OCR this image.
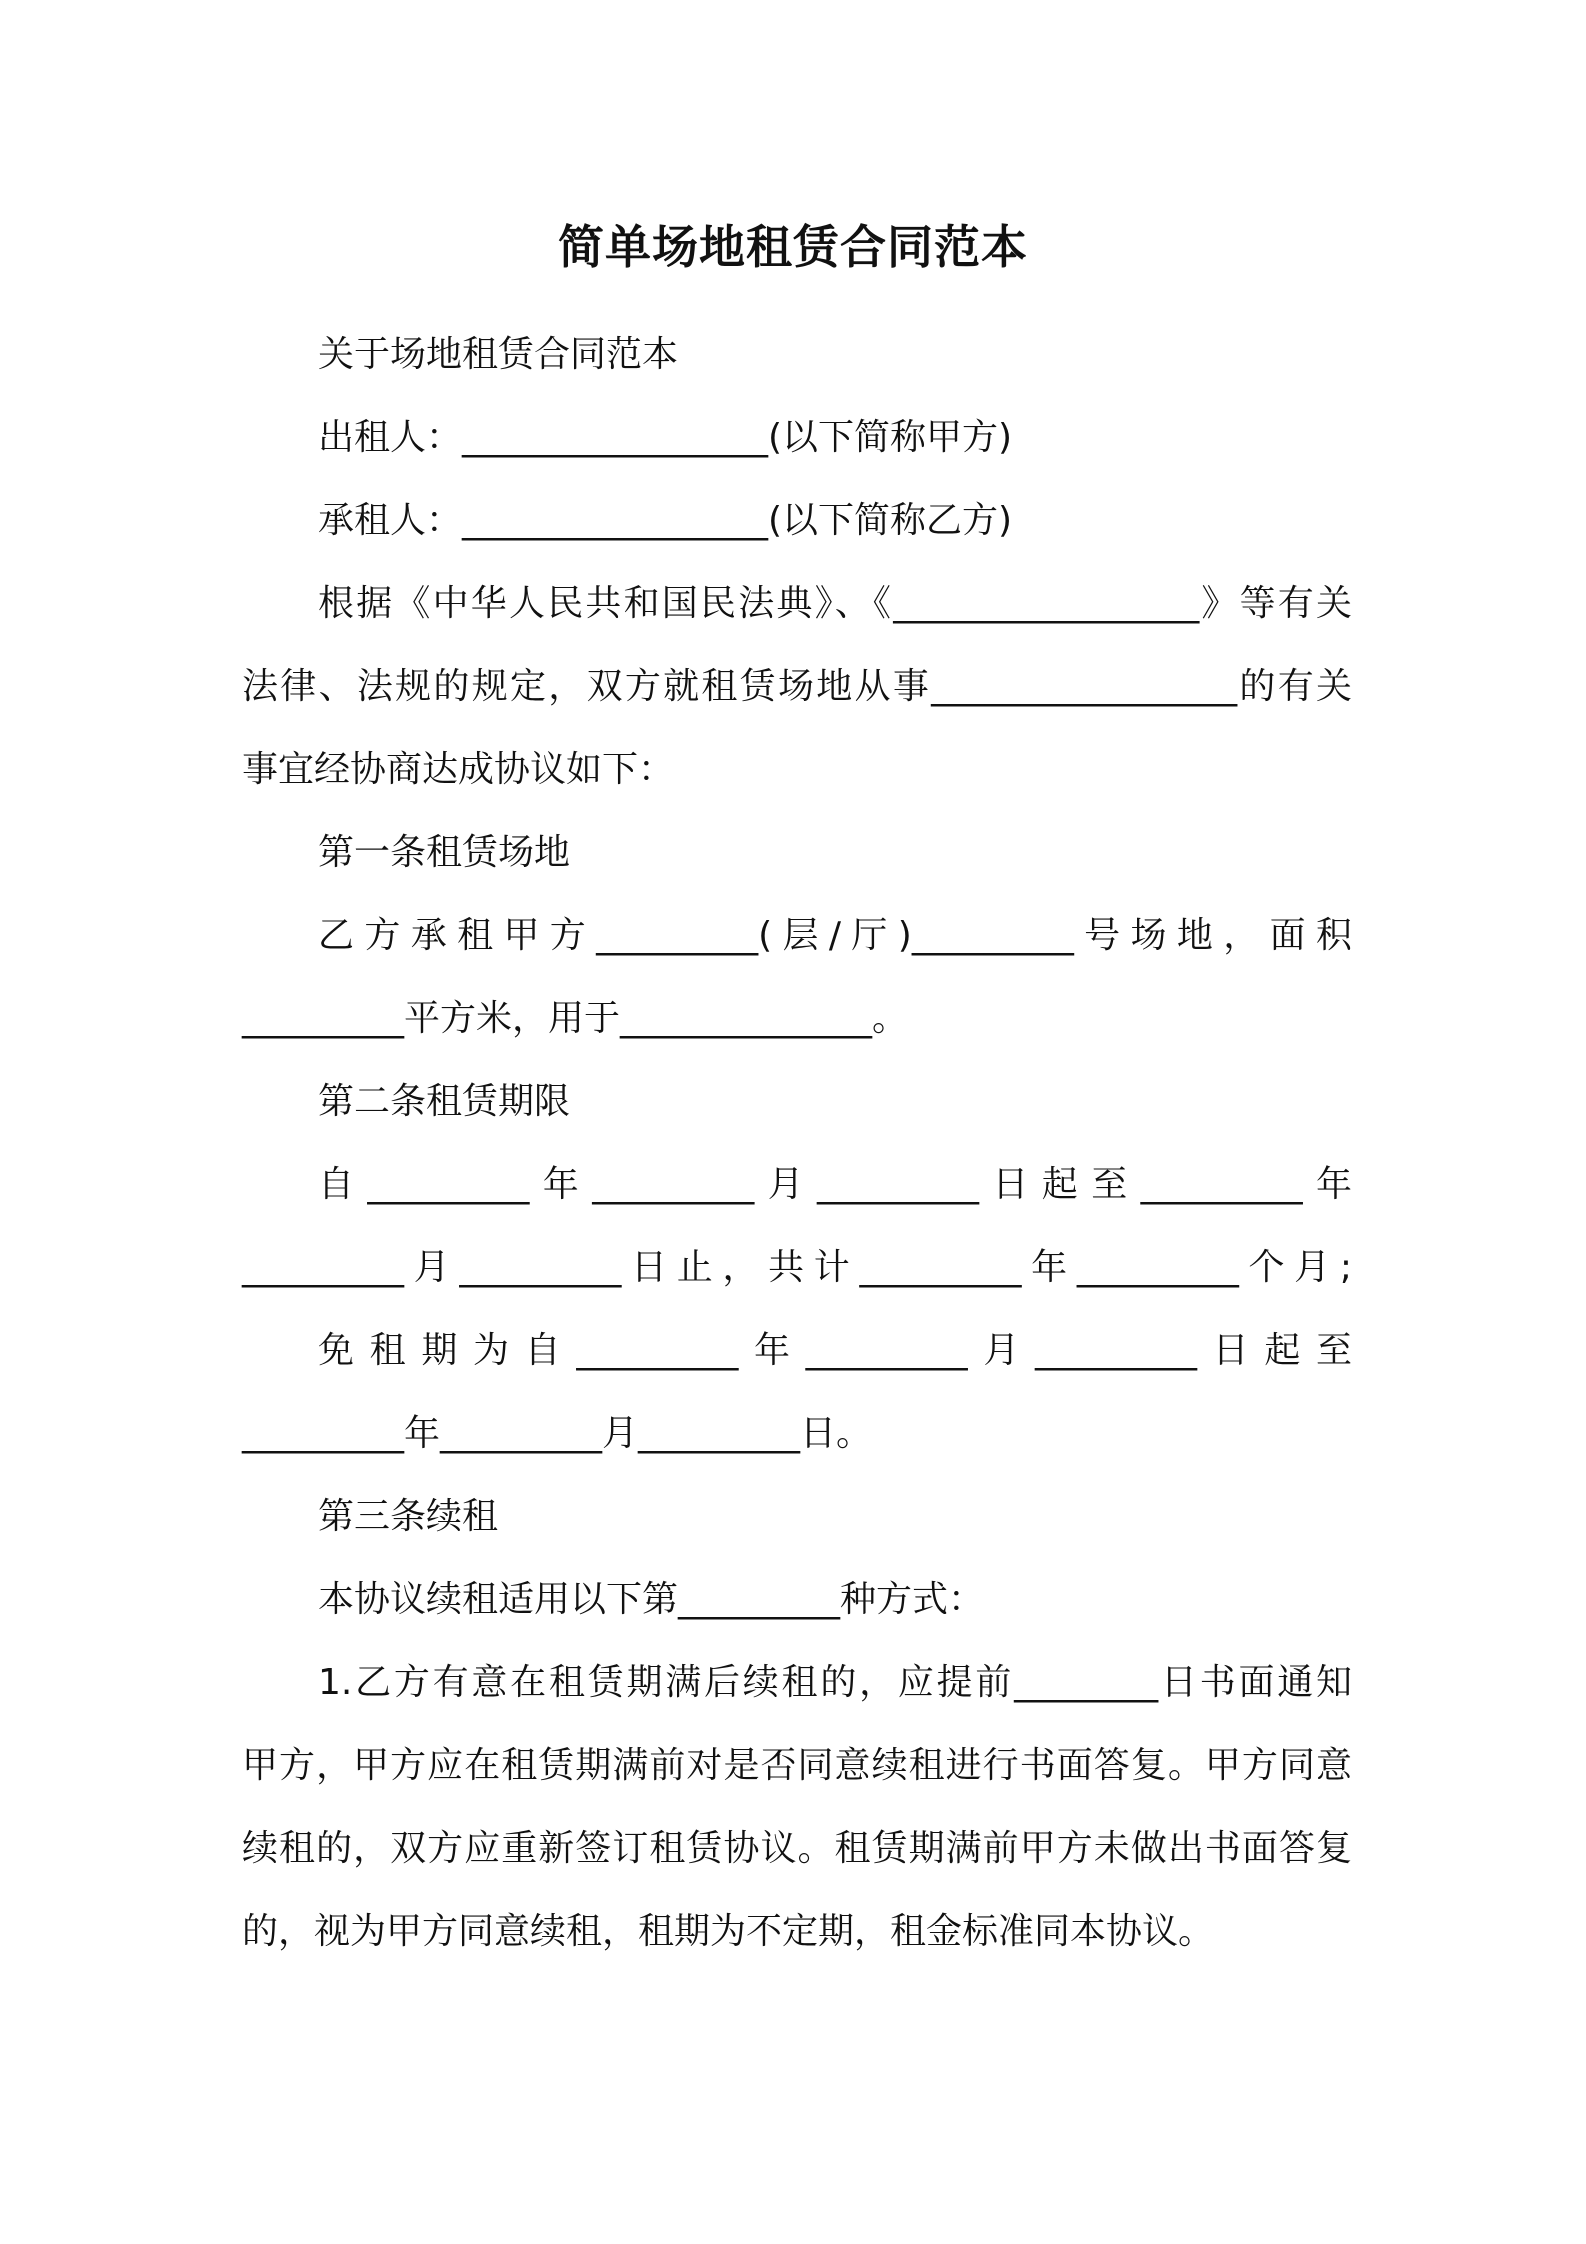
简单场地租赁合同范本
关于场地租赁合同范本
出租人：_________________(以下简称甲方)
承租人：_________________(以下简称乙方)
根据《中华人民共和国民法典》、《_________________》等有关
法律、法规的规定，双方就租赁场地从事_________________的有关
事宜经协商达成协议如下：
第一条租赁场地
乙方承租甲方_________(层/厅)_________号场地，面积
_________平方米，用于______________。
第二条租赁期限
自_________年_________月_________日起至_________年
_________月_________日止，共计_________年_________个月;
免租期为自_________年_________月_________日起至
_________年_________月_________日。
第三条续租
本协议续租适用以下第_________种方式：
1.乙方有意在租赁期满后续租的，应提前________日书面通知
甲方，甲方应在租赁期满前对是否同意续租进行书面答复。甲方同意
续租的，双方应重新签订租赁协议。租赁期满前甲方未做出书面答复
的，视为甲方同意续租，租期为不定期，租金标准同本协议。
